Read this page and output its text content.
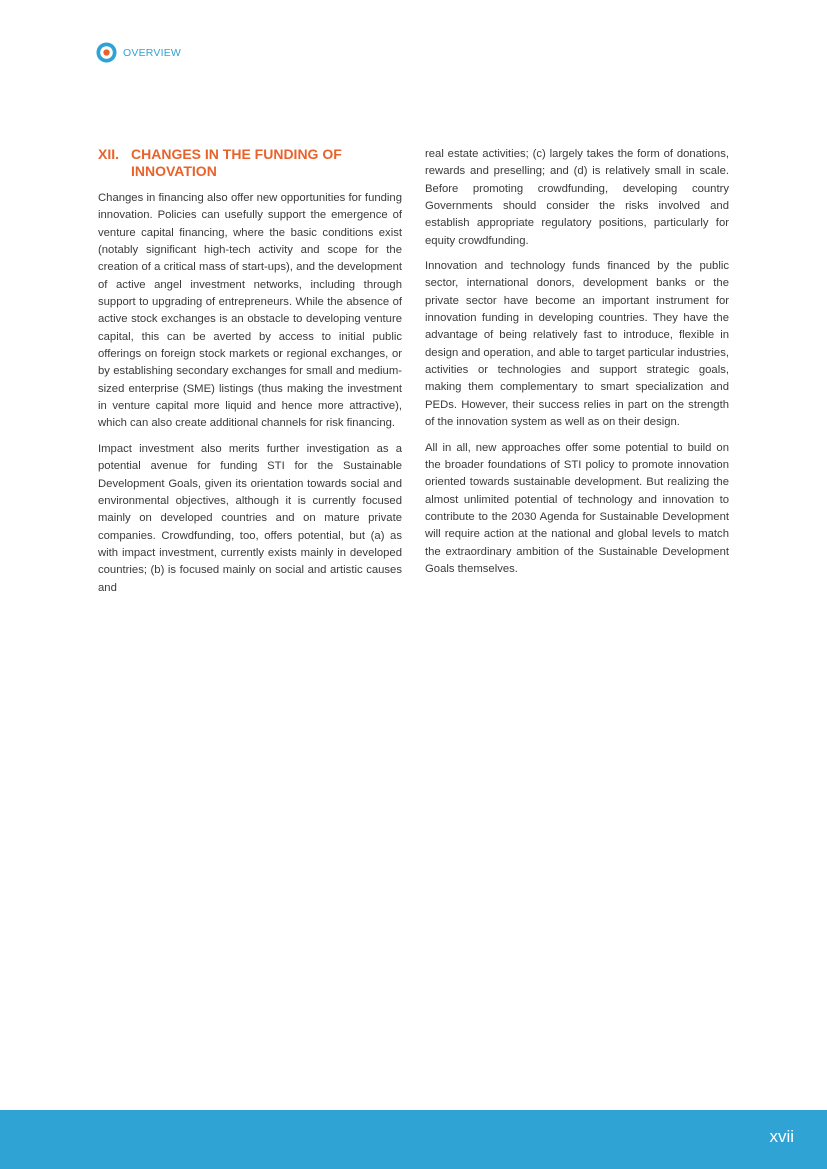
OVERVIEW
XII. CHANGES IN THE FUNDING OF INNOVATION

Changes in financing also offer new opportunities for funding innovation. Policies can usefully support the emergence of venture capital financing, where the basic conditions exist (notably significant high-tech activity and scope for the creation of a critical mass of start-ups), and the development of active angel investment networks, including through support to upgrading of entrepreneurs. While the absence of active stock exchanges is an obstacle to developing venture capital, this can be averted by access to initial public offerings on foreign stock markets or regional exchanges, or by establishing secondary exchanges for small and medium-sized enterprise (SME) listings (thus making the investment in venture capital more liquid and hence more attractive), which can also create additional channels for risk financing.

Impact investment also merits further investigation as a potential avenue for funding STI for the Sustainable Development Goals, given its orientation towards social and environmental objectives, although it is currently focused mainly on developed countries and on mature private companies. Crowdfunding, too, offers potential, but (a) as with impact investment, currently exists mainly in developed countries; (b) is focused mainly on social and artistic causes and

real estate activities; (c) largely takes the form of donations, rewards and preselling; and (d) is relatively small in scale. Before promoting crowdfunding, developing country Governments should consider the risks involved and establish appropriate regulatory positions, particularly for equity crowdfunding.

Innovation and technology funds financed by the public sector, international donors, development banks or the private sector have become an important instrument for innovation funding in developing countries. They have the advantage of being relatively fast to introduce, flexible in design and operation, and able to target particular industries, activities or technologies and support strategic goals, making them complementary to smart specialization and PEDs. However, their success relies in part on the strength of the innovation system as well as on their design.

All in all, new approaches offer some potential to build on the broader foundations of STI policy to promote innovation oriented towards sustainable development. But realizing the almost unlimited potential of technology and innovation to contribute to the 2030 Agenda for Sustainable Development will require action at the national and global levels to match the extraordinary ambition of the Sustainable Development Goals themselves.

xvii
